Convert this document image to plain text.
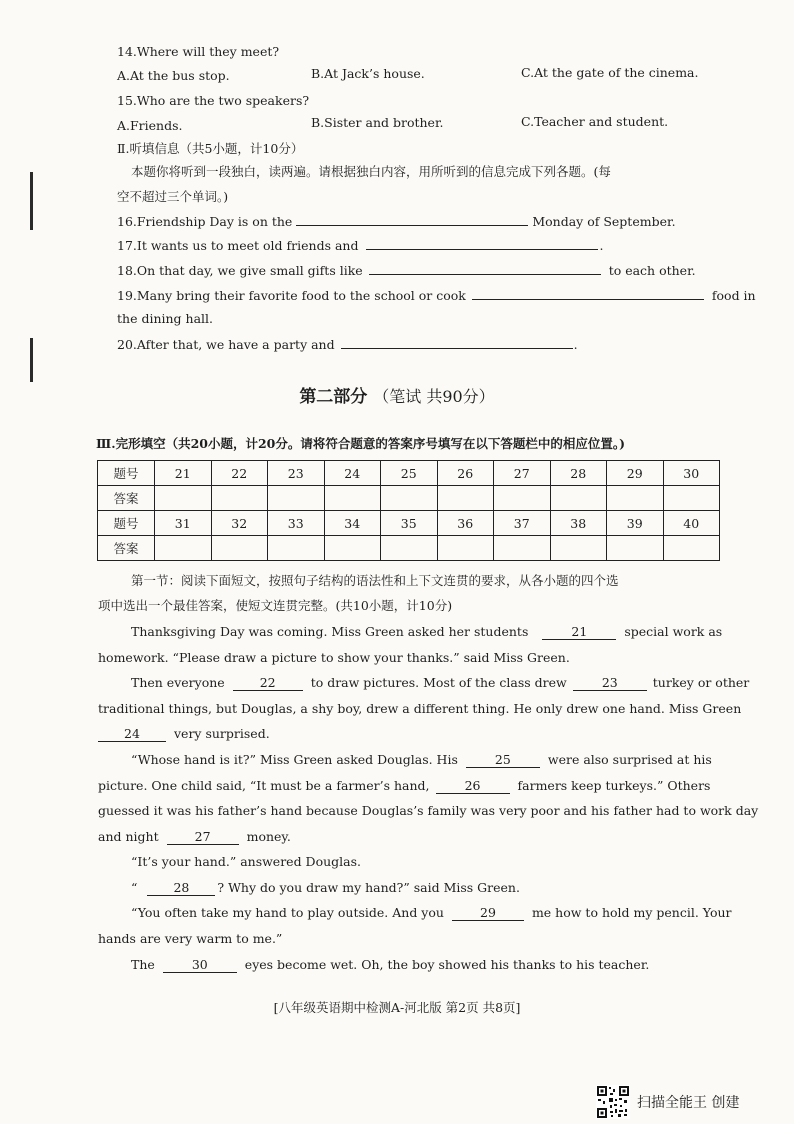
14.Where will they meet?
A.At the bus stop.	B.At Jack’s house.	C.At the gate of the cinema.
15.Who are the two speakers?
A.Friends.	B.Sister and brother.	C.Teacher and student.
Ⅱ.听填信息（共5小题，计10分）
本题你将听到一段独白，读两遍。请根据独白内容，用所听到的信息完成下列各题。(每
空不超过三个单词。)
16.Friendship Day is on the	Monday of September.
17.It wants us to meet old friends and	.
18.On that day, we give small gifts like	to each other.
19.Many bring their favorite food to the school or cook	food in
the dining hall.
20.After that, we have a party and	.
第二部分 （笔试 共90分）
Ⅲ.完形填空（共20小题，计20分。请将符合题意的答案序号填写在以下答题栏中的相应位置。)
题号	21	22	23	24	25	26	27	28	29	30
答案										
题号	31	32	33	34	35	36	37	38	39	40
答案										
第一节：阅读下面短文，按照句子结构的语法性和上下文连贯的要求，从各小题的四个选
项中选出一个最佳答案，使短文连贯完整。(共10小题，计10分)
Thanksgiving Day was coming. Miss Green asked her students	21	special work as
homework. “Please draw a picture to show your thanks.” said Miss Green.
Then everyone	22	to draw pictures. Most of the class drew	23	turkey or other
traditional things, but Douglas, a shy boy, drew a different thing. He only drew one hand. Miss Green
24	very surprised.
“Whose hand is it?” Miss Green asked Douglas. His	25	were also surprised at his
picture. One child said, “It must be a farmer’s hand,	26	farmers keep turkeys.” Others
guessed it was his father’s hand because Douglas’s family was very poor and his father had to work day
and night	27	money.
“It’s your hand.” answered Douglas.
“	28 ? Why do you draw my hand?” said Miss Green.
“You often take my hand to play outside. And you	29	me how to hold my pencil. Your
hands are very warm to me.”
The	30	eyes become wet. Oh, the boy showed his thanks to his teacher.
[八年级英语期中检测A-河北版 第2页 共8页]
扫描全能王 创建
